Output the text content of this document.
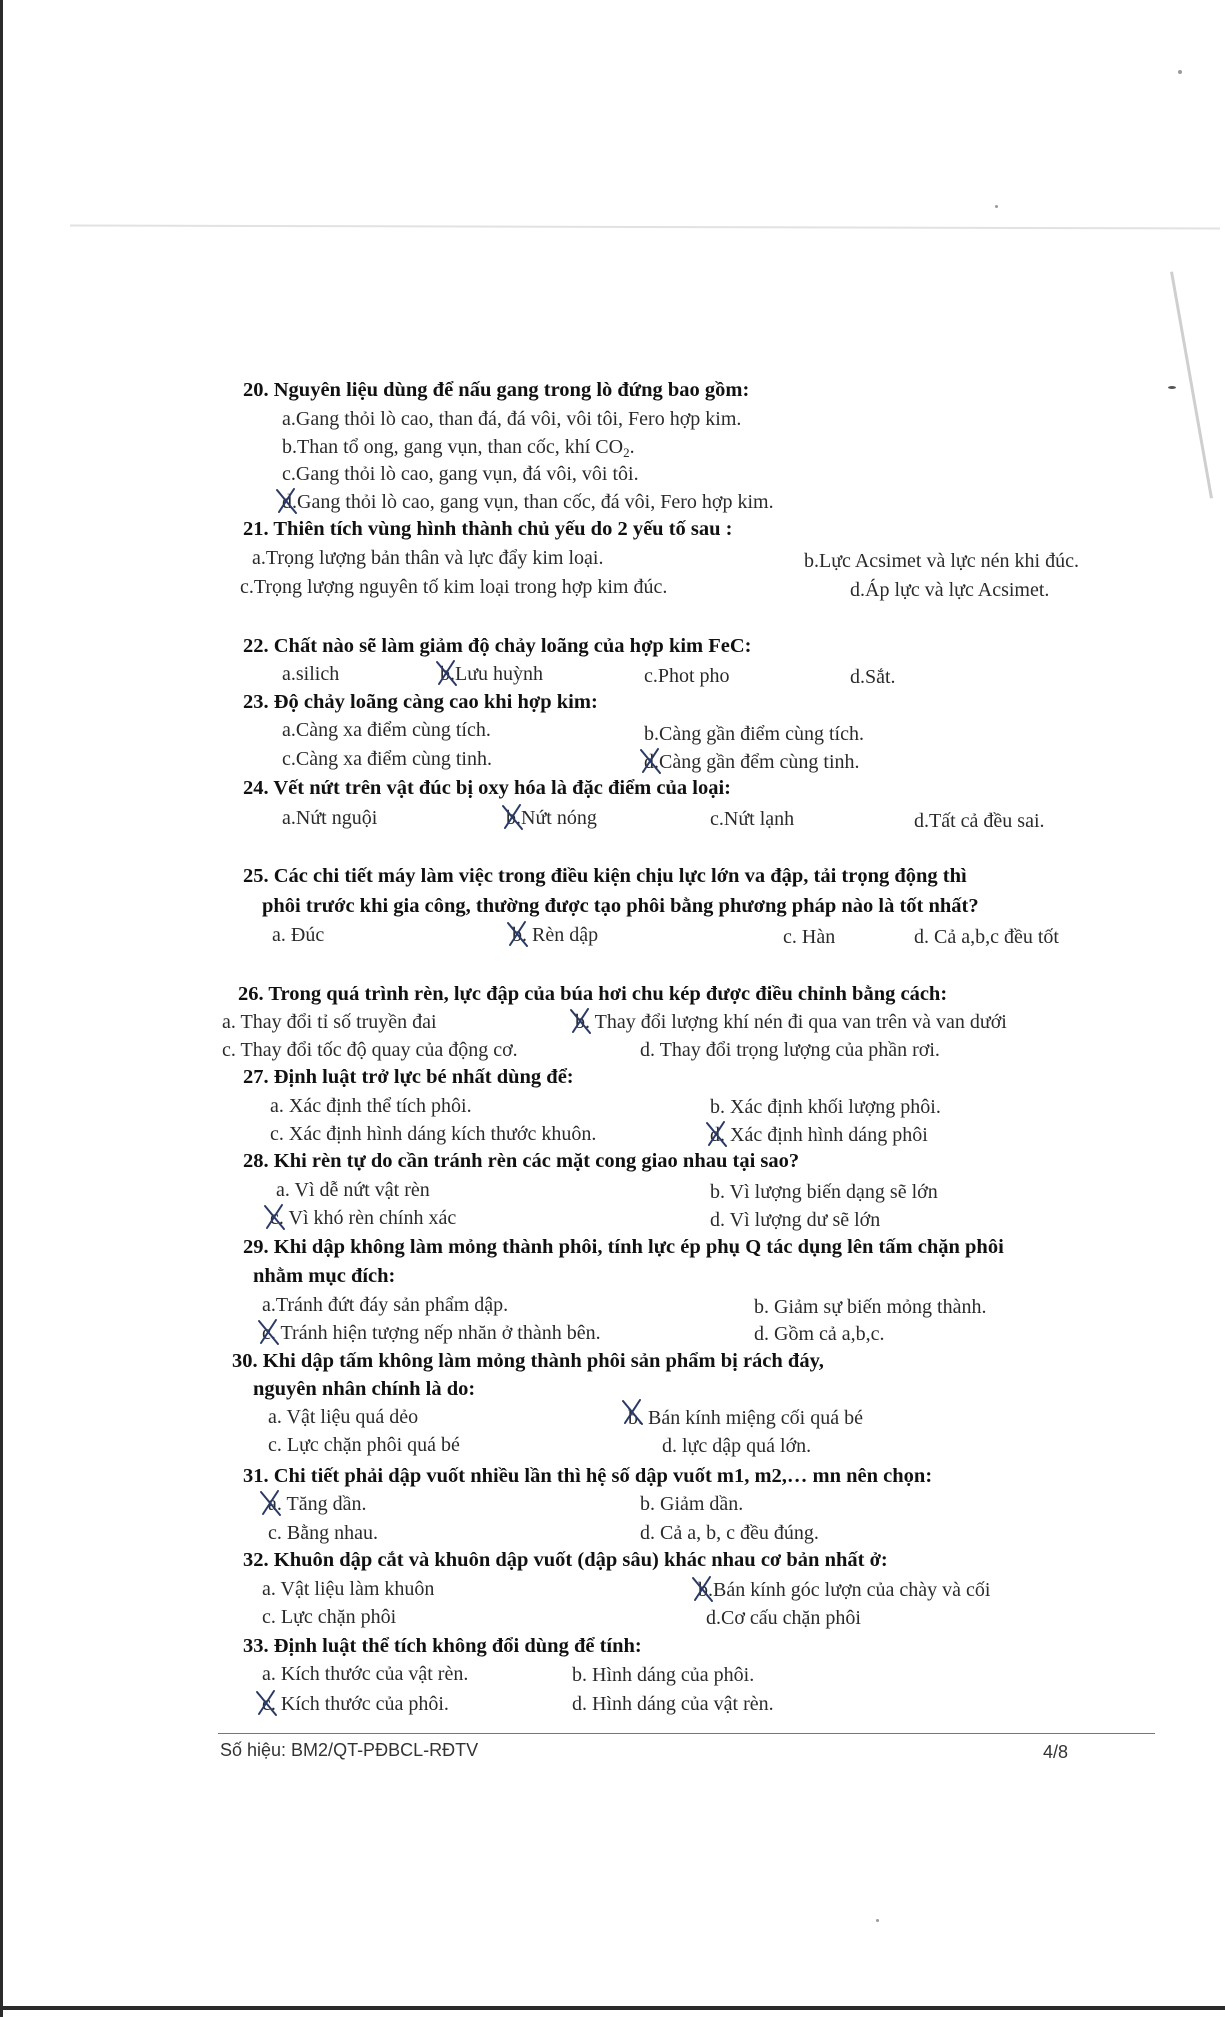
20. Nguyên liệu dùng để nấu gang trong lò đứng bao gồm:
a.Gang thỏi lò cao, than đá, đá vôi, vôi tôi, Fero hợp kim.
b.Than tổ ong, gang vụn, than cốc, khí $CO_2$.
c.Gang thỏi lò cao, gang vụn, đá vôi, vôi tôi.
d.Gang thỏi lò cao, gang vụn, than cốc, đá vôi, Fero hợp kim.
21. Thiên tích vùng hình thành chủ yếu do 2 yếu tố sau :
a.Trọng lượng bản thân và lực đẩy kim loại.	b.Lực Acsimet và lực nén khi đúc.
c.Trọng lượng nguyên tố kim loại trong hợp kim đúc.	d.Áp lực và lực Acsimet.
22. Chất nào sẽ làm giảm độ chảy loãng của hợp kim FeC:
a.silich	b.Lưu huỳnh	c.Phot pho	d.Sắt.
23. Độ chảy loãng càng cao khi hợp kim:
a.Càng xa điểm cùng tích.	b.Càng gần điểm cùng tích.
c.Càng xa điểm cùng tinh.	d.Càng gần đểm cùng tinh.
24. Vết nứt trên vật đúc bị oxy hóa là đặc điểm của loại:
a.Nứt nguội	b.Nứt nóng	c.Nứt lạnh	d.Tất cả đều sai.
25. Các chi tiết máy làm việc trong điều kiện chịu lực lớn va đập, tải trọng động thì
phôi trước khi gia công, thường được tạo phôi bằng phương pháp nào là tốt nhất?
a. Đúc	b. Rèn dập	c. Hàn	d. Cả a,b,c đều tốt
26. Trong quá trình rèn, lực đập của búa hơi chu kép được điều chỉnh bằng cách:
a. Thay đổi tỉ số truyền đai	b. Thay đổi lượng khí nén đi qua van trên và van dưới
c. Thay đổi tốc độ quay của động cơ.	d. Thay đổi trọng lượng của phần rơi.
27. Định luật trở lực bé nhất dùng để:
a. Xác định thể tích phôi.	b. Xác định khối lượng phôi.
c. Xác định hình dáng kích thước khuôn.	d. Xác định hình dáng phôi
28. Khi rèn tự do cần tránh rèn các mặt cong giao nhau tại sao?
a. Vì dễ nứt vật rèn	b. Vì lượng biến dạng sẽ lớn
c. Vì khó rèn chính xác	d. Vì lượng dư sẽ lớn
29. Khi dập không làm mỏng thành phôi, tính lực ép phụ Q tác dụng lên tấm chặn phôi
nhằm mục đích:
a.Tránh đứt đáy sản phẩm dập.	b. Giảm sự biến mỏng thành.
c. Tránh hiện tượng nếp nhăn ở thành bên.	d. Gồm cả a,b,c.
30. Khi dập tấm không làm mỏng thành phôi sản phẩm bị rách đáy,
nguyên nhân chính là do:
a. Vật liệu quá dẻo	b. Bán kính miệng cối quá bé
c. Lực chặn phôi quá bé	d. lực dập quá lớn.
31. Chi tiết phải dập vuốt nhiều lần thì hệ số dập vuốt m1, m2,… mn nên chọn:
a. Tăng dần.	b. Giảm dần.
c. Bằng nhau.	d. Cả a, b, c đều đúng.
32. Khuôn dập cắt và khuôn dập vuốt (dập sâu) khác nhau cơ bản nhất ở:
a. Vật liệu làm khuôn	b.Bán kính góc lượn của chày và cối
c. Lực chặn phôi	d.Cơ cấu chặn phôi
33. Định luật thể tích không đổi dùng để tính:
a. Kích thước của vật rèn.	b. Hình dáng của phôi.
c. Kích thước của phôi.	d. Hình dáng của vật rèn.
Số hiệu: BM2/QT-PĐBCL-RĐTV	4/8
